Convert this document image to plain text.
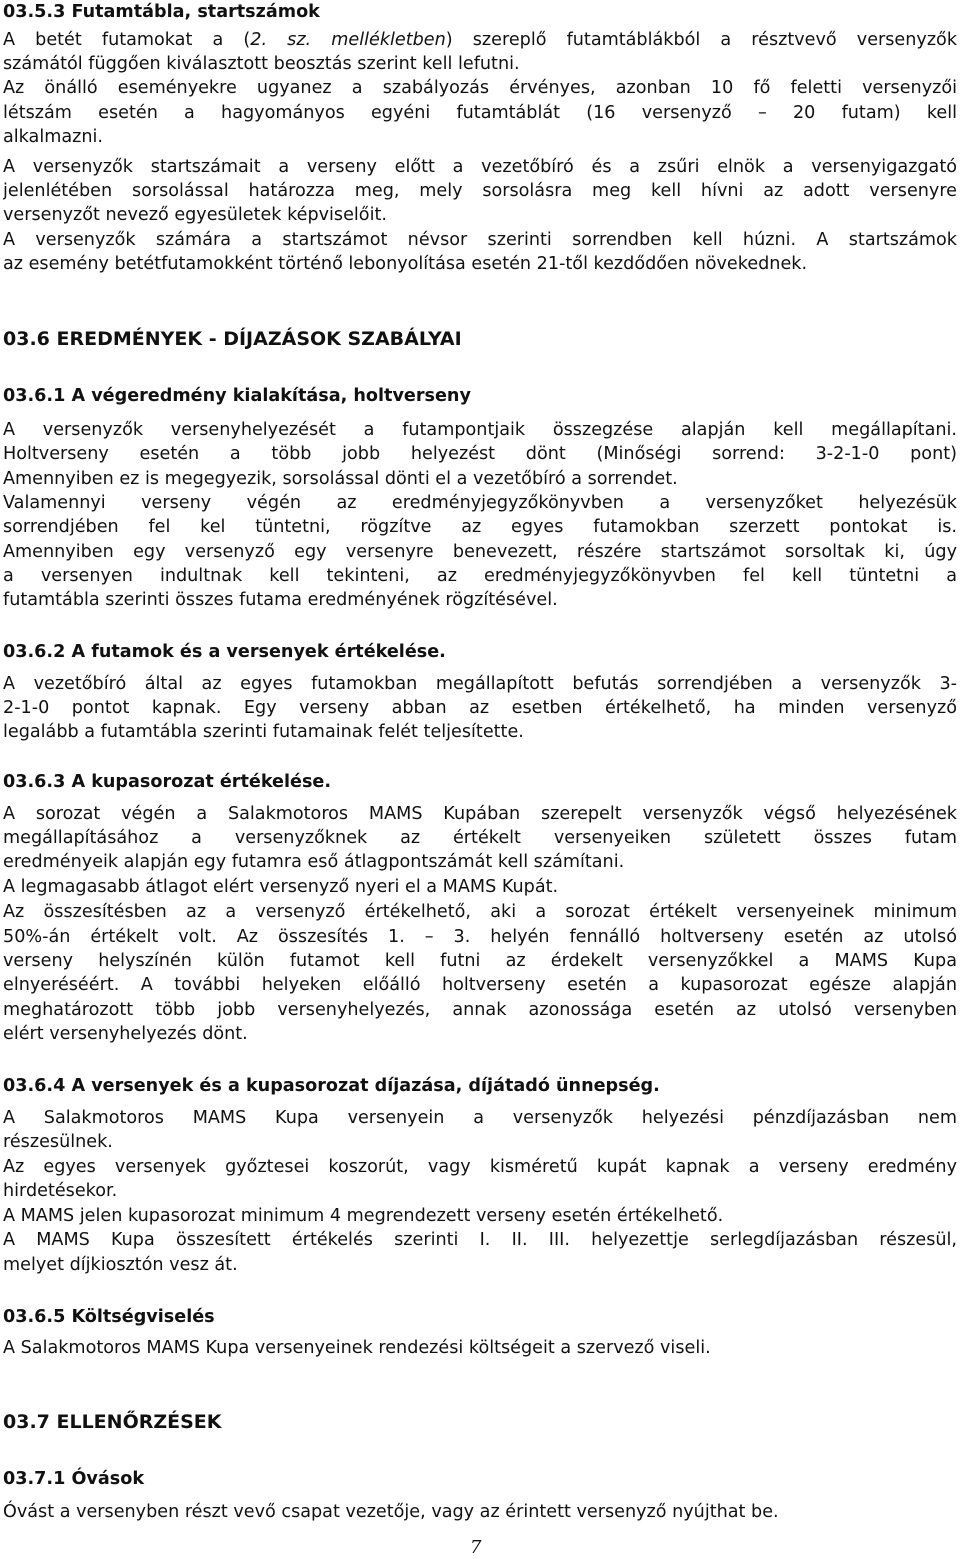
03.5.3 Futamtábla, startszámok
A betét futamokat a (2. sz. mellékletben) szereplő futamtáblákból a résztvevő versenyzők
számától függően kiválasztott beosztás szerint kell lefutni.
Az önálló eseményekre ugyanez a szabályozás érvényes, azonban 10 fő feletti versenyzői
létszám esetén a hagyományos egyéni futamtáblát (16 versenyző – 20 futam) kell
alkalmazni.
A versenyzők startszámait a verseny előtt a vezetőbíró és a zsűri elnök a versenyigazgató
jelenlétében sorsolással határozza meg, mely sorsolásra meg kell hívni az adott versenyre
versenyzőt nevező egyesületek képviselőit.
A versenyzők számára a startszámot névsor szerinti sorrendben kell húzni. A startszámok
az esemény betétfutamokként történő lebonyolítása esetén 21-től kezdődően növekednek.
03.6 EREDMÉNYEK - DÍJAZÁSOK SZABÁLYAI
03.6.1 A végeredmény kialakítása, holtverseny
A versenyzők versenyhelyezését a futampontjaik összegzése alapján kell megállapítani.
Holtverseny esetén a több jobb helyezést dönt (Minőségi sorrend: 3-2-1-0 pont)
Amennyiben ez is megegyezik, sorsolással dönti el a vezetőbíró a sorrendet.
Valamennyi verseny végén az eredményjegyzőkönyvben a versenyzőket helyezésük
sorrendjében fel kel tüntetni, rögzítve az egyes futamokban szerzett pontokat is.
Amennyiben egy versenyző egy versenyre benevezett, részére startszámot sorsoltak ki, úgy
a versenyen indultnak kell tekinteni, az eredményjegyzőkönyvben fel kell tüntetni a
futamtábla szerinti összes futama eredményének rögzítésével.
03.6.2 A futamok és a versenyek értékelése.
A vezetőbíró által az egyes futamokban megállapított befutás sorrendjében a versenyzők 3-
2-1-0 pontot kapnak. Egy verseny abban az esetben értékelhető, ha minden versenyző
legalább a futamtábla szerinti futamainak felét teljesítette.
03.6.3 A kupasorozat értékelése.
A sorozat végén a Salakmotoros MAMS Kupában szerepelt versenyzők végső helyezésének
megállapításához a versenyzőknek az értékelt versenyeiken született összes futam
eredményeik alapján egy futamra eső átlagpontszámát kell számítani.
A legmagasabb átlagot elért versenyző nyeri el a MAMS Kupát.
Az összesítésben az a versenyző értékelhető, aki a sorozat értékelt versenyeinek minimum
50%-án értékelt volt. Az összesítés 1. – 3. helyén fennálló holtverseny esetén az utolsó
verseny helyszínén külön futamot kell futni az érdekelt versenyzőkkel a MAMS Kupa
elnyeréséért. A további helyeken előálló holtverseny esetén a kupasorozat egésze alapján
meghatározott több jobb versenyhelyezés, annak azonossága esetén az utolsó versenyben
elért versenyhelyezés dönt.
03.6.4 A versenyek és a kupasorozat díjazása, díjátadó ünnepség.
A Salakmotoros MAMS Kupa versenyein a versenyzők helyezési pénzdíjazásban nem
részesülnek.
Az egyes versenyek győztesei koszorút, vagy kisméretű kupát kapnak a verseny eredmény
hirdetésekor.
A MAMS jelen kupasorozat minimum 4 megrendezett verseny esetén értékelhető.
A MAMS Kupa összesített értékelés szerinti I. II. III. helyezettje serlegdíjazásban részesül,
melyet díjkiosztón vesz át.
03.6.5 Költségviselés
A Salakmotoros MAMS Kupa versenyeinek rendezési költségeit a szervező viseli.
03.7 ELLENŐRZÉSEK
03.7.1 Óvások
Óvást a versenyben részt vevő csapat vezetője, vagy az érintett versenyző nyújthat be.
7
